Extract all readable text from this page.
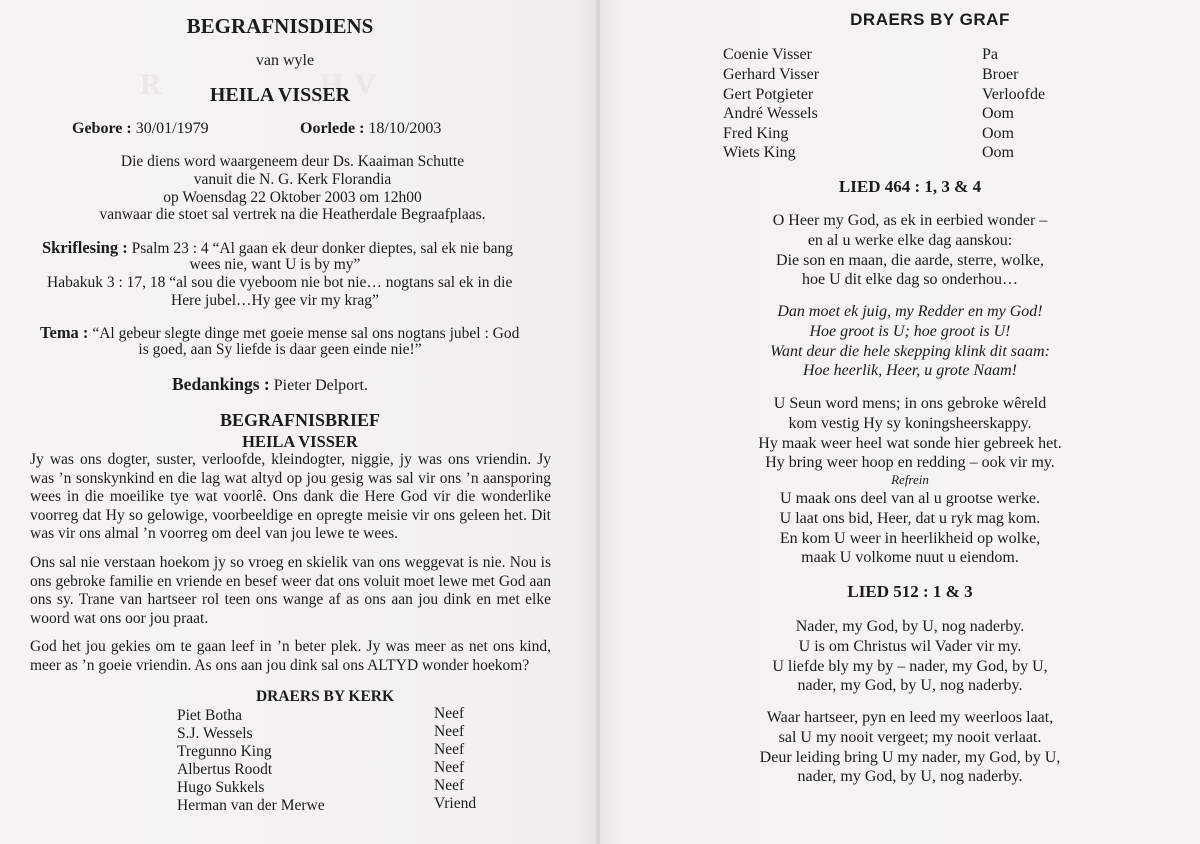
R	H V
BEGRAFNISDIENS
van wyle
HEILA VISSER
Gebore : 30/01/1979	Oorlede : 18/10/2003
Die diens word waargeneem deur Ds. Kaaiman Schutte
vanuit die N. G. Kerk Florandia
op Woensdag 22 Oktober 2003 om 12h00
vanwaar die stoet sal vertrek na die Heatherdale Begraafplaas.
Skriflesing : Psalm 23 : 4 “Al gaan ek deur donker dieptes, sal ek nie bang
wees nie, want U is by my”
Habakuk 3 : 17, 18 “al sou die vyeboom nie bot nie… nogtans sal ek in die
Here jubel…Hy gee vir my krag”
Tema : “Al gebeur slegte dinge met goeie mense sal ons nogtans jubel : God
is goed, aan Sy liefde is daar geen einde nie!”
Bedankings : Pieter Delport.
BEGRAFNISBRIEF
HEILA VISSER
Jy was ons dogter, suster, verloofde, kleindogter, niggie, jy was ons vriendin. Jy was ’n sonskynkind en die lag wat altyd op jou gesig was sal vir ons ’n aansporing wees in die moeilike tye wat voorlê. Ons dank die Here God vir die wonderlike voorreg dat Hy so gelowige, voorbeeldige en opregte meisie vir ons geleen het. Dit was vir ons almal ’n voorreg om deel van jou lewe te wees.
Ons sal nie verstaan hoekom jy so vroeg en skielik van ons weggevat is nie. Nou is ons gebroke familie en vriende en besef weer dat ons voluit moet lewe met God aan ons sy. Trane van hartseer rol teen ons wange af as ons aan jou dink en met elke woord wat ons oor jou praat.
God het jou gekies om te gaan leef in ’n beter plek. Jy was meer as net ons kind, meer as ’n goeie vriendin. As ons aan jou dink sal ons ALTYD wonder hoekom?
DRAERS BY KERK
Piet Botha	Neef
S.J. Wessels	Neef
Tregunno King	Neef
Albertus Roodt	Neef
Hugo Sukkels	Neef
Herman van der Merwe	Vriend
DRAERS BY GRAF
Coenie Visser	Pa
Gerhard Visser	Broer
Gert Potgieter	Verloofde
André Wessels	Oom
Fred King	Oom
Wiets King	Oom
LIED 464 : 1, 3 & 4
O Heer my God, as ek in eerbied wonder –
en al u werke elke dag aanskou:
Die son en maan, die aarde, sterre, wolke,
hoe U dit elke dag so onderhou…
Dan moet ek juig, my Redder en my God!
Hoe groot is U; hoe groot is U!
Want deur die hele skepping klink dit saam:
Hoe heerlik, Heer, u grote Naam!
U Seun word mens; in ons gebroke wêreld
kom vestig Hy sy koningsheerskappy.
Hy maak weer heel wat sonde hier gebreek het.
Hy bring weer hoop en redding – ook vir my.
Refrein
U maak ons deel van al u grootse werke.
U laat ons bid, Heer, dat u ryk mag kom.
En kom U weer in heerlikheid op wolke,
maak U volkome nuut u eiendom.
LIED 512 : 1 & 3
Nader, my God, by U, nog naderby.
U is om Christus wil Vader vir my.
U liefde bly my by – nader, my God, by U,
nader, my God, by U, nog naderby.
Waar hartseer, pyn en leed my weerloos laat,
sal U my nooit vergeet; my nooit verlaat.
Deur leiding bring U my nader, my God, by U,
nader, my God, by U, nog naderby.
